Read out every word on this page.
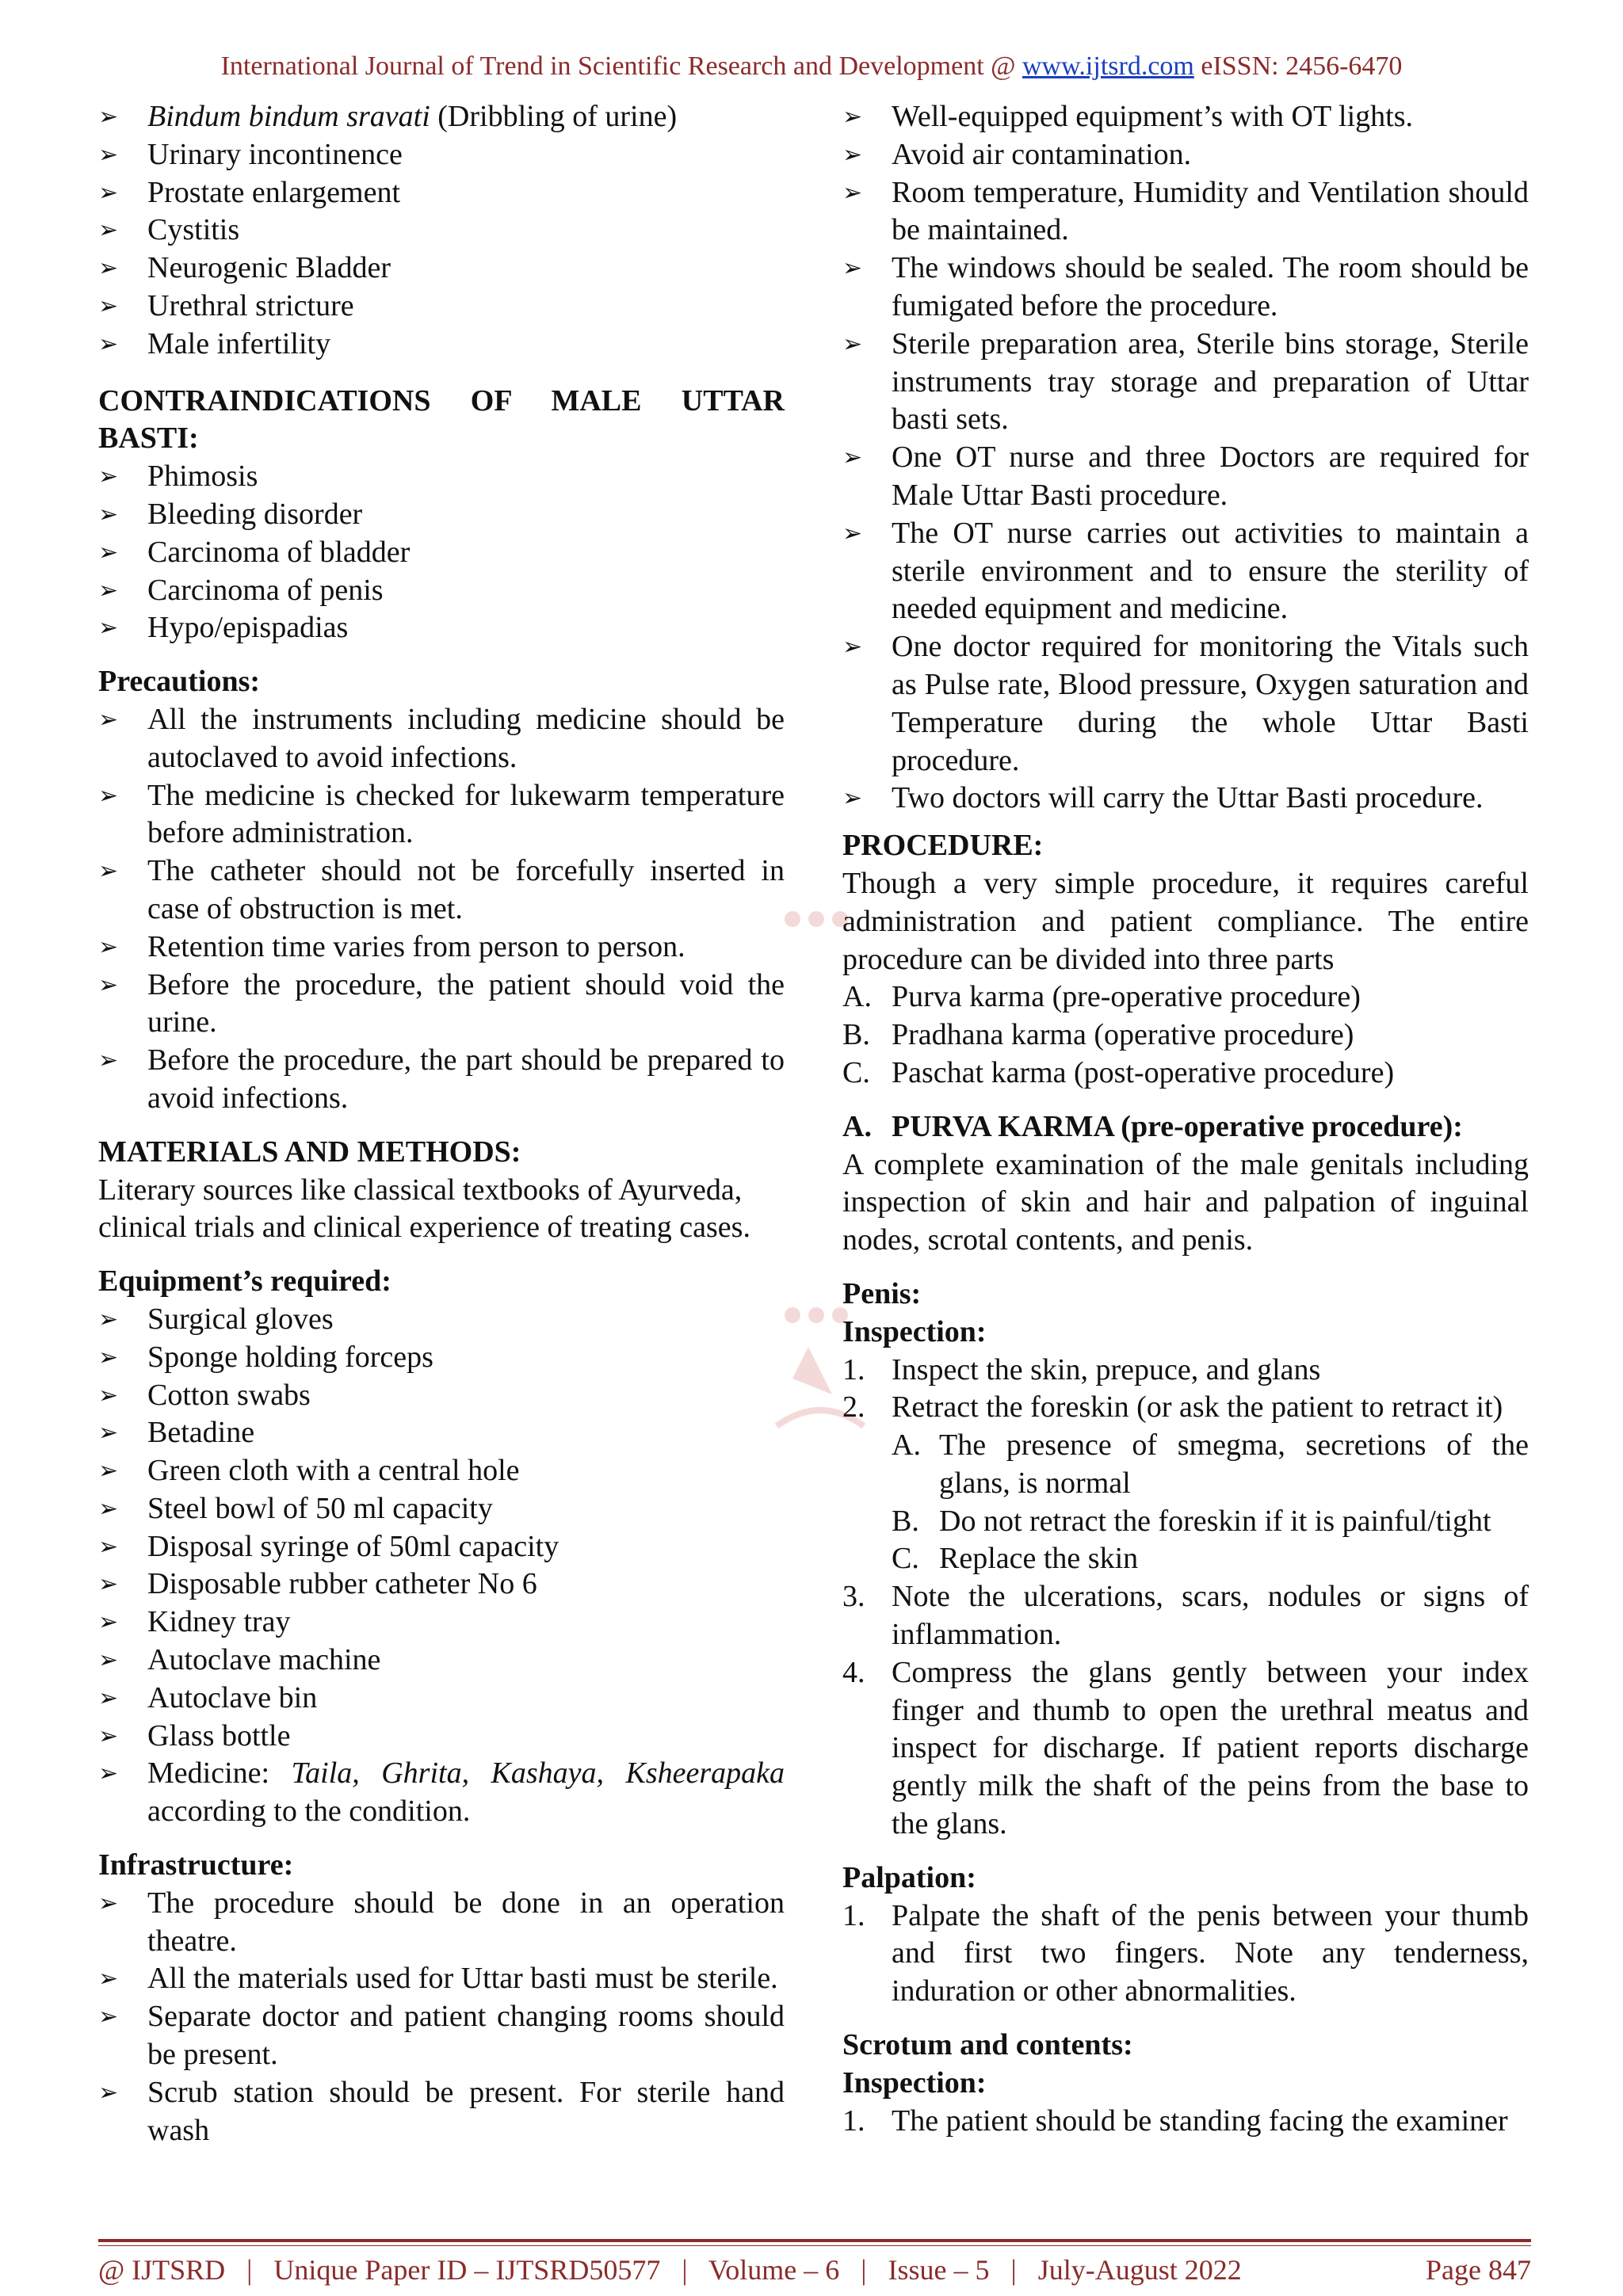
International Journal of Trend in Scientific Research and Development @ www.ijtsrd.com eISSN: 2456-6470
➢ Bindum bindum sravati (Dribbling of urine)
➢ Urinary incontinence
➢ Prostate enlargement
➢ Cystitis
➢ Neurogenic Bladder
➢ Urethral stricture
➢ Male infertility
CONTRAINDICATIONS OF MALE UTTAR BASTI:
➢ Phimosis
➢ Bleeding disorder
➢ Carcinoma of bladder
➢ Carcinoma of penis
➢ Hypo/epispadias
Precautions:
➢ All the instruments including medicine should be autoclaved to avoid infections.
➢ The medicine is checked for lukewarm temperature before administration.
➢ The catheter should not be forcefully inserted in case of obstruction is met.
➢ Retention time varies from person to person.
➢ Before the procedure, the patient should void the urine.
➢ Before the procedure, the part should be prepared to avoid infections.
MATERIALS AND METHODS:
Literary sources like classical textbooks of Ayurveda, clinical trials and clinical experience of treating cases.
Equipment’s required:
➢ Surgical gloves
➢ Sponge holding forceps
➢ Cotton swabs
➢ Betadine
➢ Green cloth with a central hole
➢ Steel bowl of 50 ml capacity
➢ Disposal syringe of 50ml capacity
➢ Disposable rubber catheter No 6
➢ Kidney tray
➢ Autoclave machine
➢ Autoclave bin
➢ Glass bottle
➢ Medicine: Taila, Ghrita, Kashaya, Ksheerapaka according to the condition.
Infrastructure:
➢ The procedure should be done in an operation theatre.
➢ All the materials used for Uttar basti must be sterile.
➢ Separate doctor and patient changing rooms should be present.
➢ Scrub station should be present. For sterile hand wash
➢ Well-equipped equipment’s with OT lights.
➢ Avoid air contamination.
➢ Room temperature, Humidity and Ventilation should be maintained.
➢ The windows should be sealed. The room should be fumigated before the procedure.
➢ Sterile preparation area, Sterile bins storage, Sterile instruments tray storage and preparation of Uttar basti sets.
➢ One OT nurse and three Doctors are required for Male Uttar Basti procedure.
➢ The OT nurse carries out activities to maintain a sterile environment and to ensure the sterility of needed equipment and medicine.
➢ One doctor required for monitoring the Vitals such as Pulse rate, Blood pressure, Oxygen saturation and Temperature during the whole Uttar Basti procedure.
➢ Two doctors will carry the Uttar Basti procedure.
PROCEDURE:
Though a very simple procedure, it requires careful administration and patient compliance. The entire procedure can be divided into three parts
A. Purva karma (pre-operative procedure)
B. Pradhana karma (operative procedure)
C. Paschat karma (post-operative procedure)
A. PURVA KARMA (pre-operative procedure):
A complete examination of the male genitals including inspection of skin and hair and palpation of inguinal nodes, scrotal contents, and penis.
Penis:
Inspection:
1. Inspect the skin, prepuce, and glans
2. Retract the foreskin (or ask the patient to retract it)
A. The presence of smegma, secretions of the glans, is normal
B. Do not retract the foreskin if it is painful/tight
C. Replace the skin
3. Note the ulcerations, scars, nodules or signs of inflammation.
4. Compress the glans gently between your index finger and thumb to open the urethral meatus and inspect for discharge. If patient reports discharge gently milk the shaft of the peins from the base to the glans.
Palpation:
1. Palpate the shaft of the penis between your thumb and first two fingers. Note any tenderness, induration or other abnormalities.
Scrotum and contents:
Inspection:
1. The patient should be standing facing the examiner
@ IJTSRD | Unique Paper ID – IJTSRD50577 | Volume – 6 | Issue – 5 | July-August 2022	Page 847
